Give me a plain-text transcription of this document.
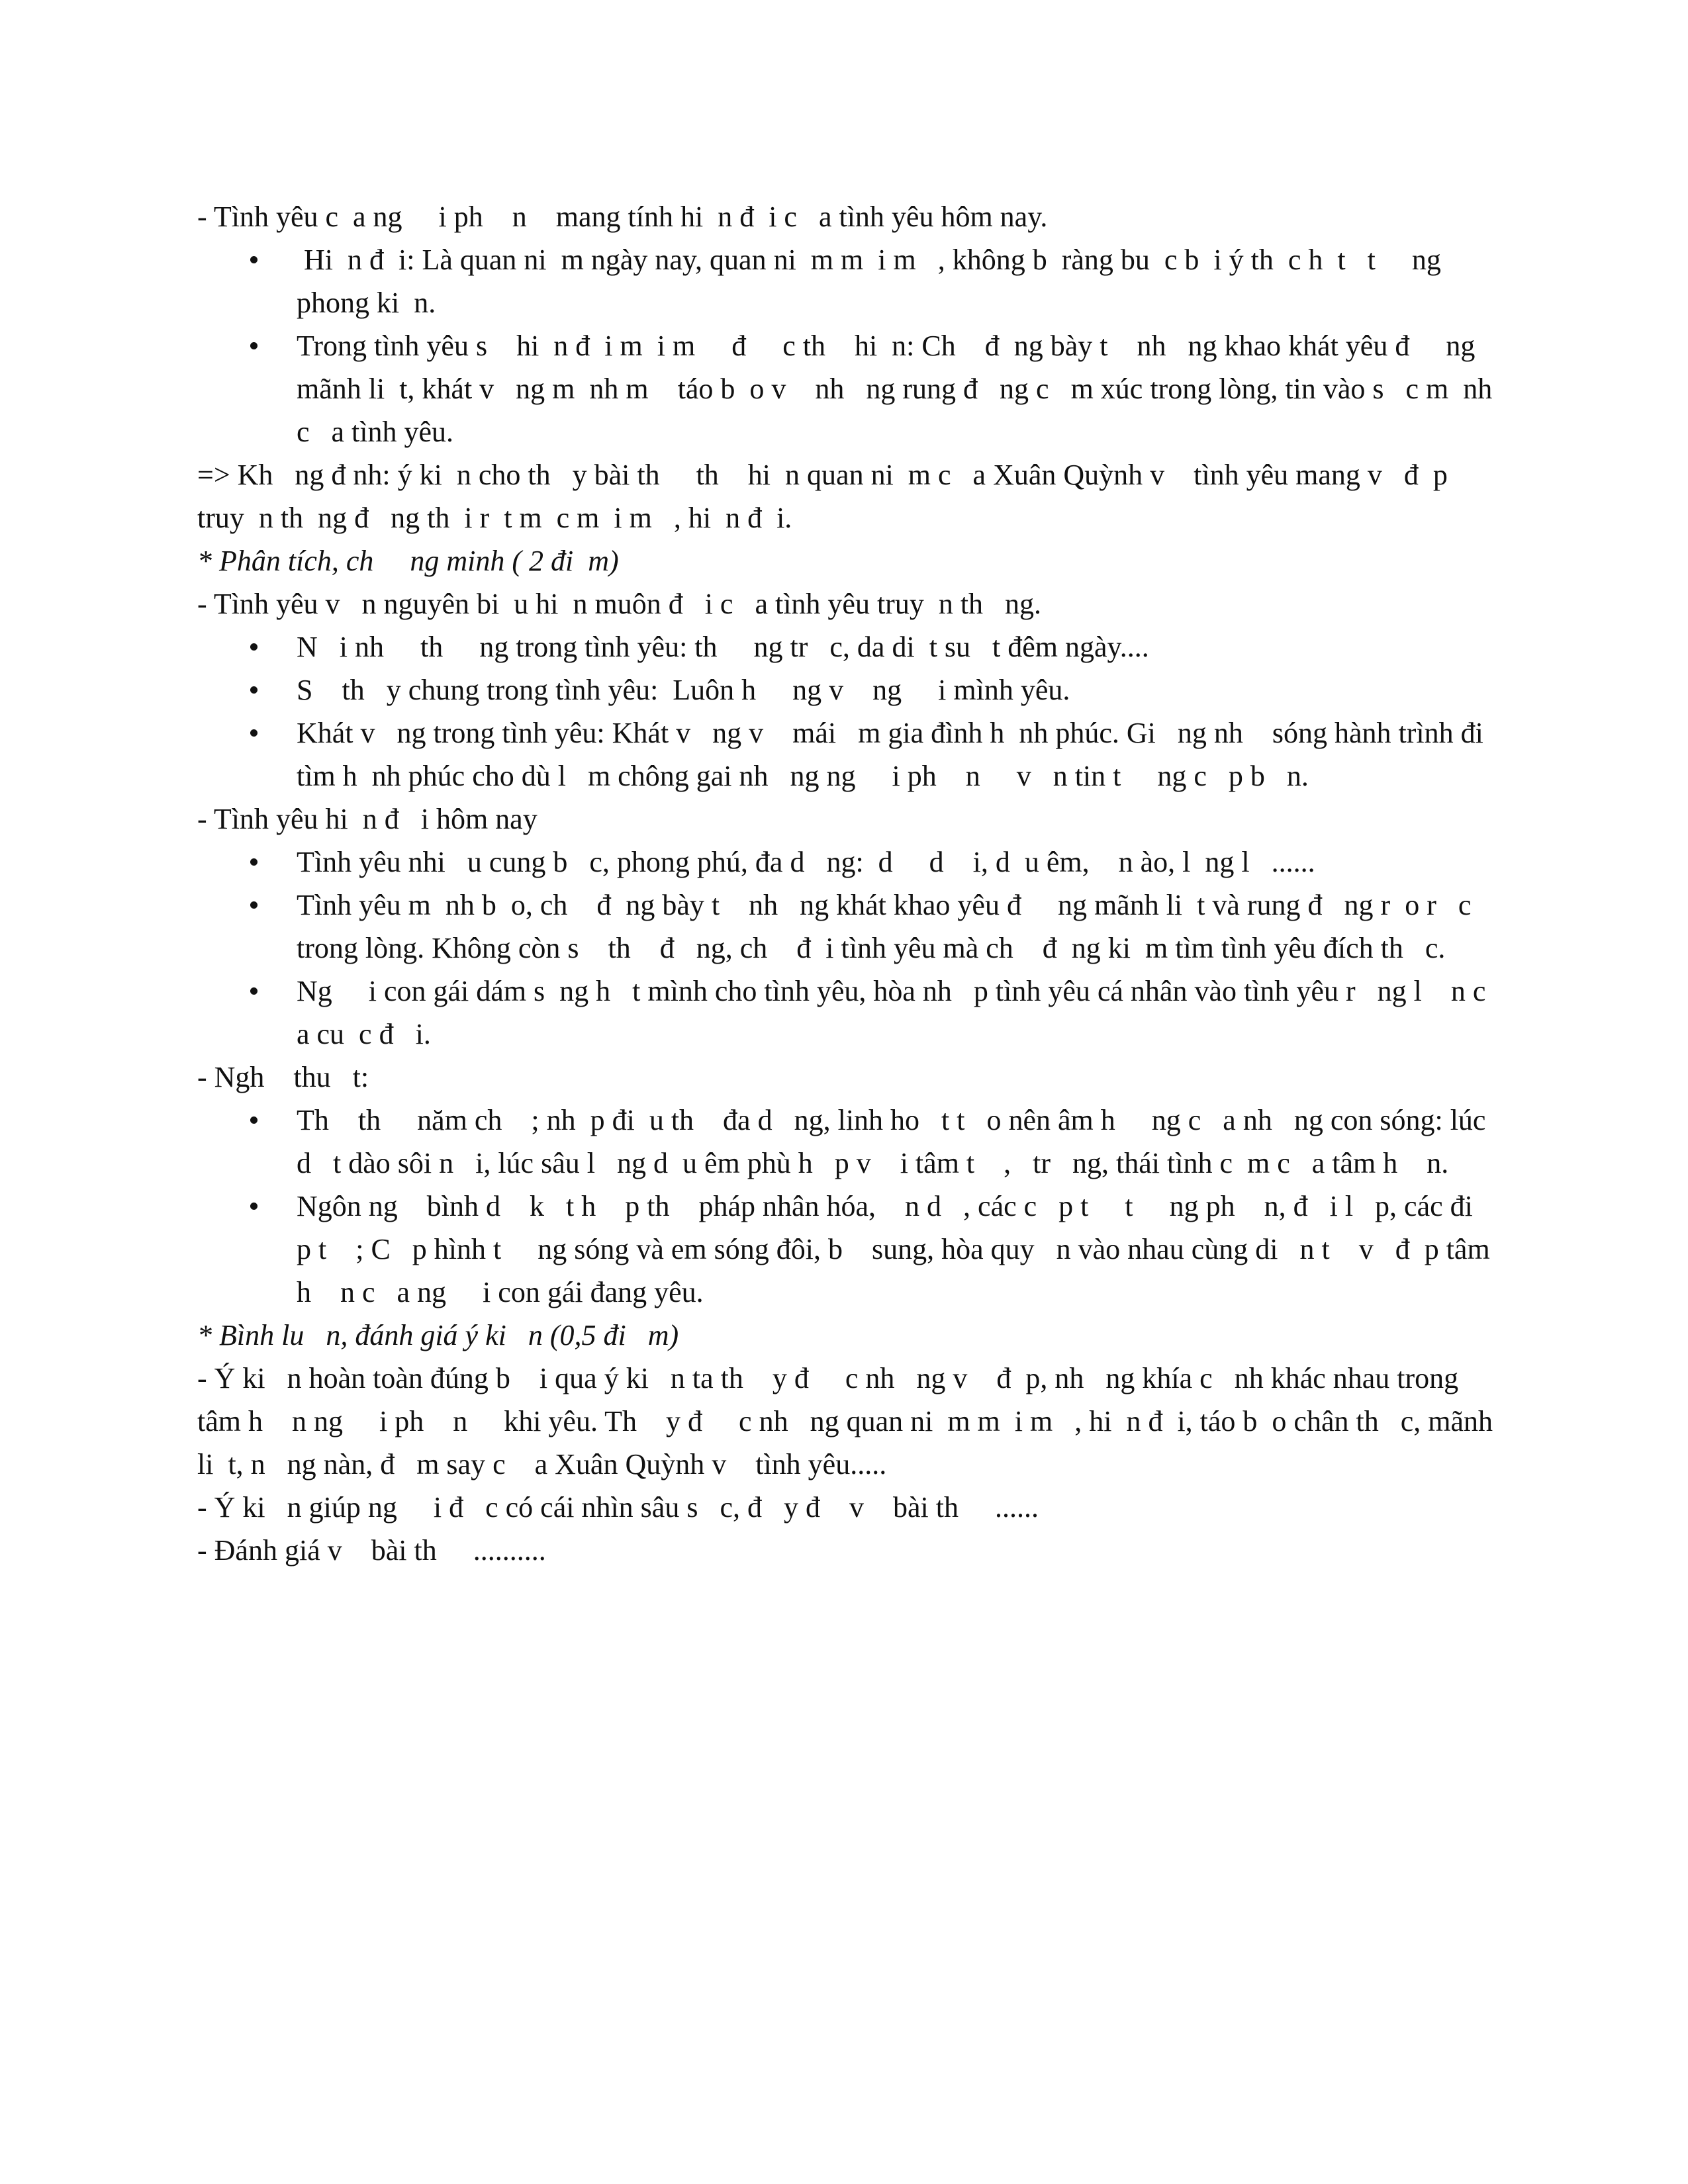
- Tình yêu c  a ng     i ph    n    mang tính hi  n đ  i c   a tình yêu hôm nay.

Hi  n đ  i: Là quan ni  m ngày nay, quan ni  m m  i m   , không b  ràng bu  c b  i ý th  c h  t   t     ng phong ki  n.
Trong tình yêu s    hi  n đ  i m  i m     đ     c th    hi  n: Ch    đ  ng bày t    nh   ng khao khát yêu đ     ng mãnh li  t, khát v   ng m  nh m    táo b  o v    nh   ng rung đ   ng c   m xúc trong lòng, tin vào s   c m  nh c   a tình yêu.

=> Kh   ng đ nh: ý ki  n cho th   y bài th     th    hi  n quan ni  m c   a Xuân Quỳnh v    tình yêu mang v   đ  p truy  n th  ng đ   ng th  i r  t m  c m  i m   , hi  n đ  i.

* Phân tích, ch     ng minh ( 2 đi  m)

- Tình yêu v   n nguyên bi  u hi  n muôn đ   i c   a tình yêu truy  n th   ng.

N   i nh     th     ng trong tình yêu: th     ng tr   c, da di  t su   t đêm ngày....
S    th   y chung trong tình yêu:  Luôn h     ng v    ng     i mình yêu.
Khát v   ng trong tình yêu: Khát v   ng v    mái   m gia đình h  nh phúc. Gi   ng nh    sóng hành trình đi tìm h  nh phúc cho dù l   m chông gai nh   ng ng     i ph    n     v   n tin t     ng c   p b   n.

- Tình yêu hi  n đ   i hôm nay

Tình yêu nhi   u cung b   c, phong phú, đa d   ng:  d     d    i, d  u êm,    n ào, l  ng l   ......
Tình yêu m  nh b  o, ch    đ  ng bày t    nh   ng khát khao yêu đ     ng mãnh li  t và rung đ   ng r  o r   c trong lòng. Không còn s    th    đ   ng, ch    đ  i tình yêu mà ch    đ  ng ki  m tìm tình yêu đích th   c.
Ng     i con gái dám s  ng h   t mình cho tình yêu, hòa nh   p tình yêu cá nhân vào tình yêu r   ng l    n c   a cu  c đ   i.

- Ngh    thu   t:

Th    th     năm ch    ; nh  p đi  u th    đa d   ng, linh ho   t t   o nên âm h     ng c   a nh   ng con sóng: lúc d   t dào sôi n   i, lúc sâu l   ng d  u êm phù h   p v    i tâm t    ,   tr   ng, thái tình c  m c   a tâm h    n.
Ngôn ng    bình d    k   t h    p th    pháp nhân hóa,    n d   , các c   p t     t     ng ph    n, đ   i l   p, các đi   p t    ; C   p hình t     ng sóng và em sóng đôi, b    sung, hòa quy   n vào nhau cùng di   n t    v   đ  p tâm h    n c   a ng     i con gái đang yêu.

* Bình lu   n, đánh giá ý ki   n (0,5 đi   m)

- Ý ki   n hoàn toàn đúng b    i qua ý ki   n ta th    y đ     c nh   ng v    đ  p, nh   ng khía c   nh khác nhau trong tâm h    n ng     i ph    n     khi yêu. Th    y đ     c nh   ng quan ni  m m  i m   , hi  n đ  i, táo b  o chân th   c, mãnh li  t, n   ng nàn, đ   m say c    a Xuân Quỳnh v    tình yêu.....

- Ý ki   n giúp ng     i đ   c có cái nhìn sâu s   c, đ   y đ    v    bài th     ......

- Đánh giá v    bài th     ..........
